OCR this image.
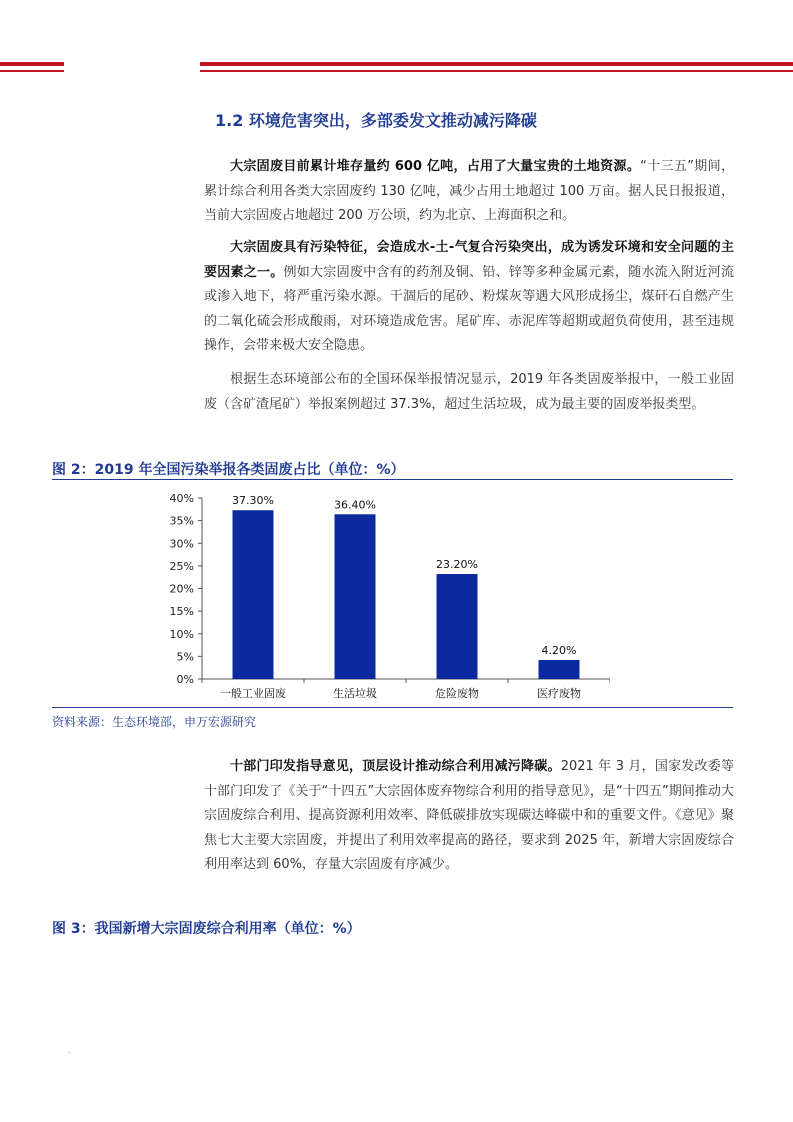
1.2 环境危害突出，多部委发文推动减污降碳

大宗固废目前累计堆存量约 600 亿吨，占用了大量宝贵的土地资源。“十三五”期间，累计综合利用各类大宗固废约 130 亿吨，减少占用土地超过 100 万亩。据人民日报报道，当前大宗固废占地超过 200 万公顷，约为北京、上海面积之和。

大宗固废具有污染特征，会造成水-土-气复合污染突出，成为诱发环境和安全问题的主要因素之一。例如大宗固废中含有的药剂及铜、铅、锌等多种金属元素，随水流入附近河流或渗入地下，将严重污染水源。干涸后的尾砂、粉煤灰等遇大风形成扬尘，煤矸石自燃产生的二氧化硫会形成酸雨，对环境造成危害。尾矿库、赤泥库等超期或超负荷使用，甚至违规操作，会带来极大安全隐患。

根据生态环境部公布的全国环保举报情况显示，2019 年各类固废举报中，一般工业固废（含矿渣尾矿）举报案例超过 37.3%，超过生活垃圾，成为最主要的固废举报类型。

图 2：2019 年全国污染举报各类固废占比（单位：%）

0%
5%
10%
15%
20%
25%
30%
35%
40%	37.30%
一般工业固废
36.40%
生活垃圾
23.20%
危险废物
4.20%
医疗废物

资料来源：生态环境部，申万宏源研究

十部门印发指导意见，顶层设计推动综合利用减污降碳。2021 年 3 月，国家发改委等十部门印发了《关于“十四五”大宗固体废弃物综合利用的指导意见》，是“十四五”期间推动大宗固废综合利用、提高资源利用效率、降低碳排放实现碳达峰碳中和的重要文件。《意见》聚焦七大主要大宗固废，并提出了利用效率提高的路径，要求到 2025 年，新增大宗固废综合利用率达到 60%，存量大宗固废有序减少。

图 3：我国新增大宗固废综合利用率（单位：%）
